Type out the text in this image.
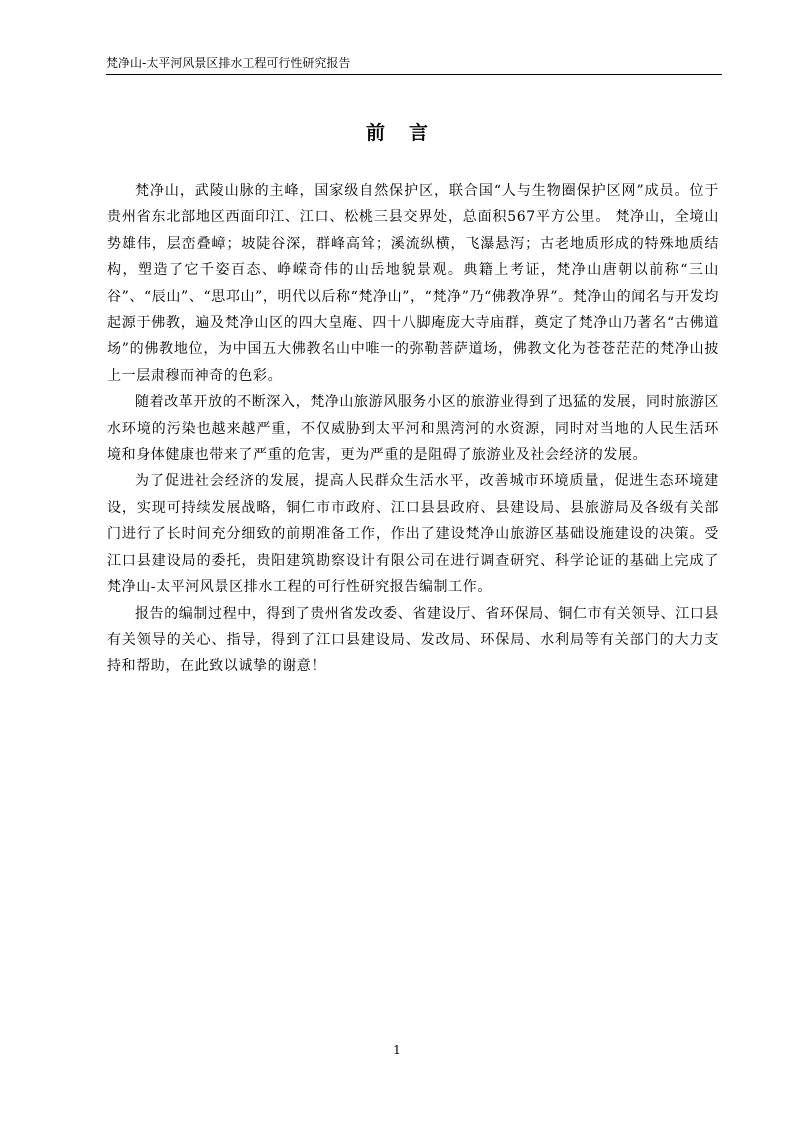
梵净山-太平河风景区排水工程可行性研究报告
前言

梵净山，武陵山脉的主峰，国家级自然保护区，联合国“人与生物圈保护区网”成员。位于贵州省东北部地区西面印江、江口、松桃三县交界处，总面积567平方公里。 梵净山，全境山势雄伟，层峦叠嶂；坡陡谷深，群峰高耸；溪流纵横，飞瀑悬泻；古老地质形成的特殊地质结构，塑造了它千姿百态、峥嵘奇伟的山岳地貌景观。典籍上考证，梵净山唐朝以前称“三山谷”、“辰山”、“思邛山”，明代以后称“梵净山”，“梵净”乃“佛教净界”。梵净山的闻名与开发均起源于佛教，遍及梵净山区的四大皇庵、四十八脚庵庞大寺庙群，奠定了梵净山乃著名“古佛道场”的佛教地位，为中国五大佛教名山中唯一的弥勒菩萨道场，佛教文化为苍苍茫茫的梵净山披上一层肃穆而神奇的色彩。

随着改革开放的不断深入，梵净山旅游风服务小区的旅游业得到了迅猛的发展，同时旅游区水环境的污染也越来越严重，不仅威胁到太平河和黑湾河的水资源，同时对当地的人民生活环境和身体健康也带来了严重的危害，更为严重的是阻碍了旅游业及社会经济的发展。

为了促进社会经济的发展，提高人民群众生活水平，改善城市环境质量，促进生态环境建设，实现可持续发展战略，铜仁市市政府、江口县县政府、县建设局、县旅游局及各级有关部门进行了长时间充分细致的前期准备工作，作出了建设梵净山旅游区基础设施建设的决策。受江口县建设局的委托，贵阳建筑勘察设计有限公司在进行调查研究、科学论证的基础上完成了梵净山-太平河风景区排水工程的可行性研究报告编制工作。

报告的编制过程中，得到了贵州省发改委、省建设厅、省环保局、铜仁市有关领导、江口县有关领导的关心、指导，得到了江口县建设局、发改局、环保局、水利局等有关部门的大力支持和帮助，在此致以诚挚的谢意！

1
